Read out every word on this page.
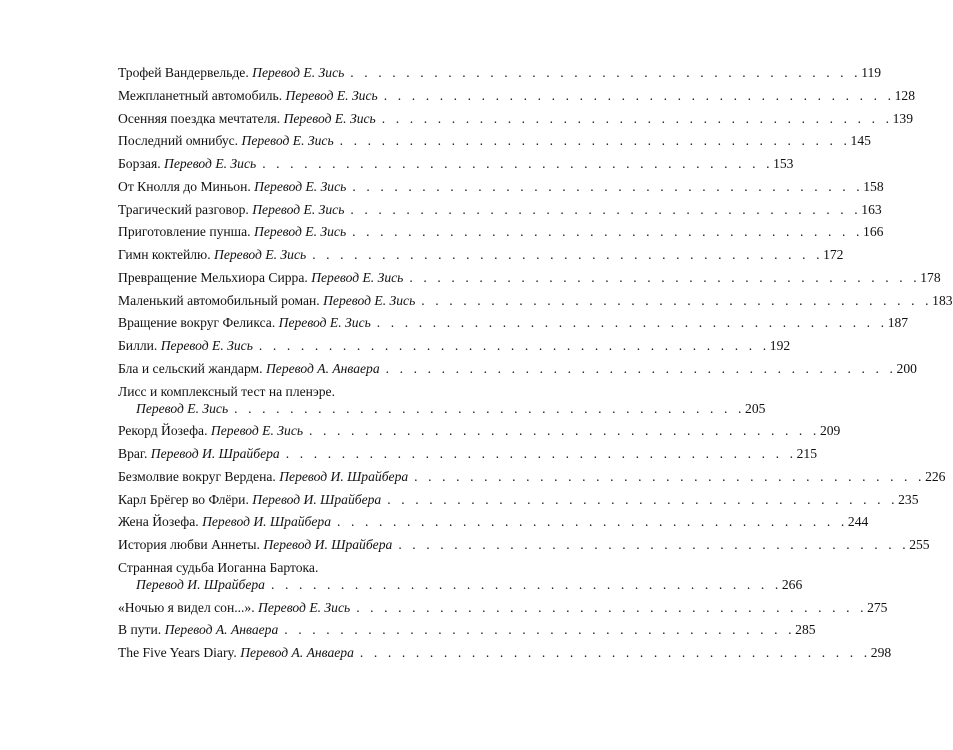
Трофей Вандервельде.
Перевод Е. Зись . . . . . . . . . . . . . . . . . . . . . . . . . . . . . . . . . . . . . 119
Межпланетный автомобиль.
Перевод Е. Зись . . . . . . . . . . . . . . . . . . . . . . . . . . . . . . . . . . . . . 128
Осенняя поездка мечтателя.
Перевод Е. Зись . . . . . . . . . . . . . . . . . . . . . . . . . . . . . . . . . . . . . 139
Последний омнибус.
Перевод Е. Зись . . . . . . . . . . . . . . . . . . . . . . . . . . . . . . . . . . . . . 145
Борзая.
Перевод Е. Зись . . . . . . . . . . . . . . . . . . . . . . . . . . . . . . . . . . . . . 153
От Кнолля до Миньон.
Перевод Е. Зись . . . . . . . . . . . . . . . . . . . . . . . . . . . . . . . . . . . . . 158
Трагический разговор.
Перевод Е. Зись . . . . . . . . . . . . . . . . . . . . . . . . . . . . . . . . . . . . . 163
Приготовление пунша.
Перевод Е. Зись . . . . . . . . . . . . . . . . . . . . . . . . . . . . . . . . . . . . . 166
Гимн коктейлю.
Перевод Е. Зись . . . . . . . . . . . . . . . . . . . . . . . . . . . . . . . . . . . . . 172
Превращение Мельхиора Сирра.
Перевод Е. Зись . . . . . . . . . . . . . . . . . . . . . . . . . . . . . . . . . . . . . 178
Маленький автомобильный роман.
Перевод Е. Зись . . . . . . . . . . . . . . . . . . . . . . . . . . . . . . . . . . . . . 183
Вращение вокруг Феликса.
Перевод Е. Зись . . . . . . . . . . . . . . . . . . . . . . . . . . . . . . . . . . . . . 187
Билли.
Перевод Е. Зись . . . . . . . . . . . . . . . . . . . . . . . . . . . . . . . . . . . . . 192
Бла и сельский жандарм.
Перевод А. Анваера . . . . . . . . . . . . . . . . . . . . . . . . . . . . . . . . . . . . . 200
Лисс и комплексный тест на пленэре.
Перевод Е. Зись . . . . . . . . . . . . . . . . . . . . . . . . . . . . . . . . . . . . . 205
Рекорд Йозефа.
Перевод Е. Зись . . . . . . . . . . . . . . . . . . . . . . . . . . . . . . . . . . . . . 209
Враг.
Перевод И. Шрайбера . . . . . . . . . . . . . . . . . . . . . . . . . . . . . . . . . . . . . 215
Безмолвие вокруг Вердена.
Перевод И. Шрайбера . . . . . . . . . . . . . . . . . . . . . . . . . . . . . . . . . . . . . 226
Карл Брёгер во Флёри.
Перевод И. Шрайбера . . . . . . . . . . . . . . . . . . . . . . . . . . . . . . . . . . . . . 235
Жена Йозефа.
Перевод И. Шрайбера . . . . . . . . . . . . . . . . . . . . . . . . . . . . . . . . . . . . . 244
История любви Аннеты.
Перевод И. Шрайбера . . . . . . . . . . . . . . . . . . . . . . . . . . . . . . . . . . . . . 255
Странная судьба Иоганна Бартока.
Перевод И. Шрайбера . . . . . . . . . . . . . . . . . . . . . . . . . . . . . . . . . . . . . 266
«Ночью я видел сон...».
Перевод Е. Зись . . . . . . . . . . . . . . . . . . . . . . . . . . . . . . . . . . . . . 275
В пути.
Перевод А. Анваера . . . . . . . . . . . . . . . . . . . . . . . . . . . . . . . . . . . . . 285
The Five Years Diary.
Перевод А. Анваера . . . . . . . . . . . . . . . . . . . . . . . . . . . . . . . . . . . . . 298
